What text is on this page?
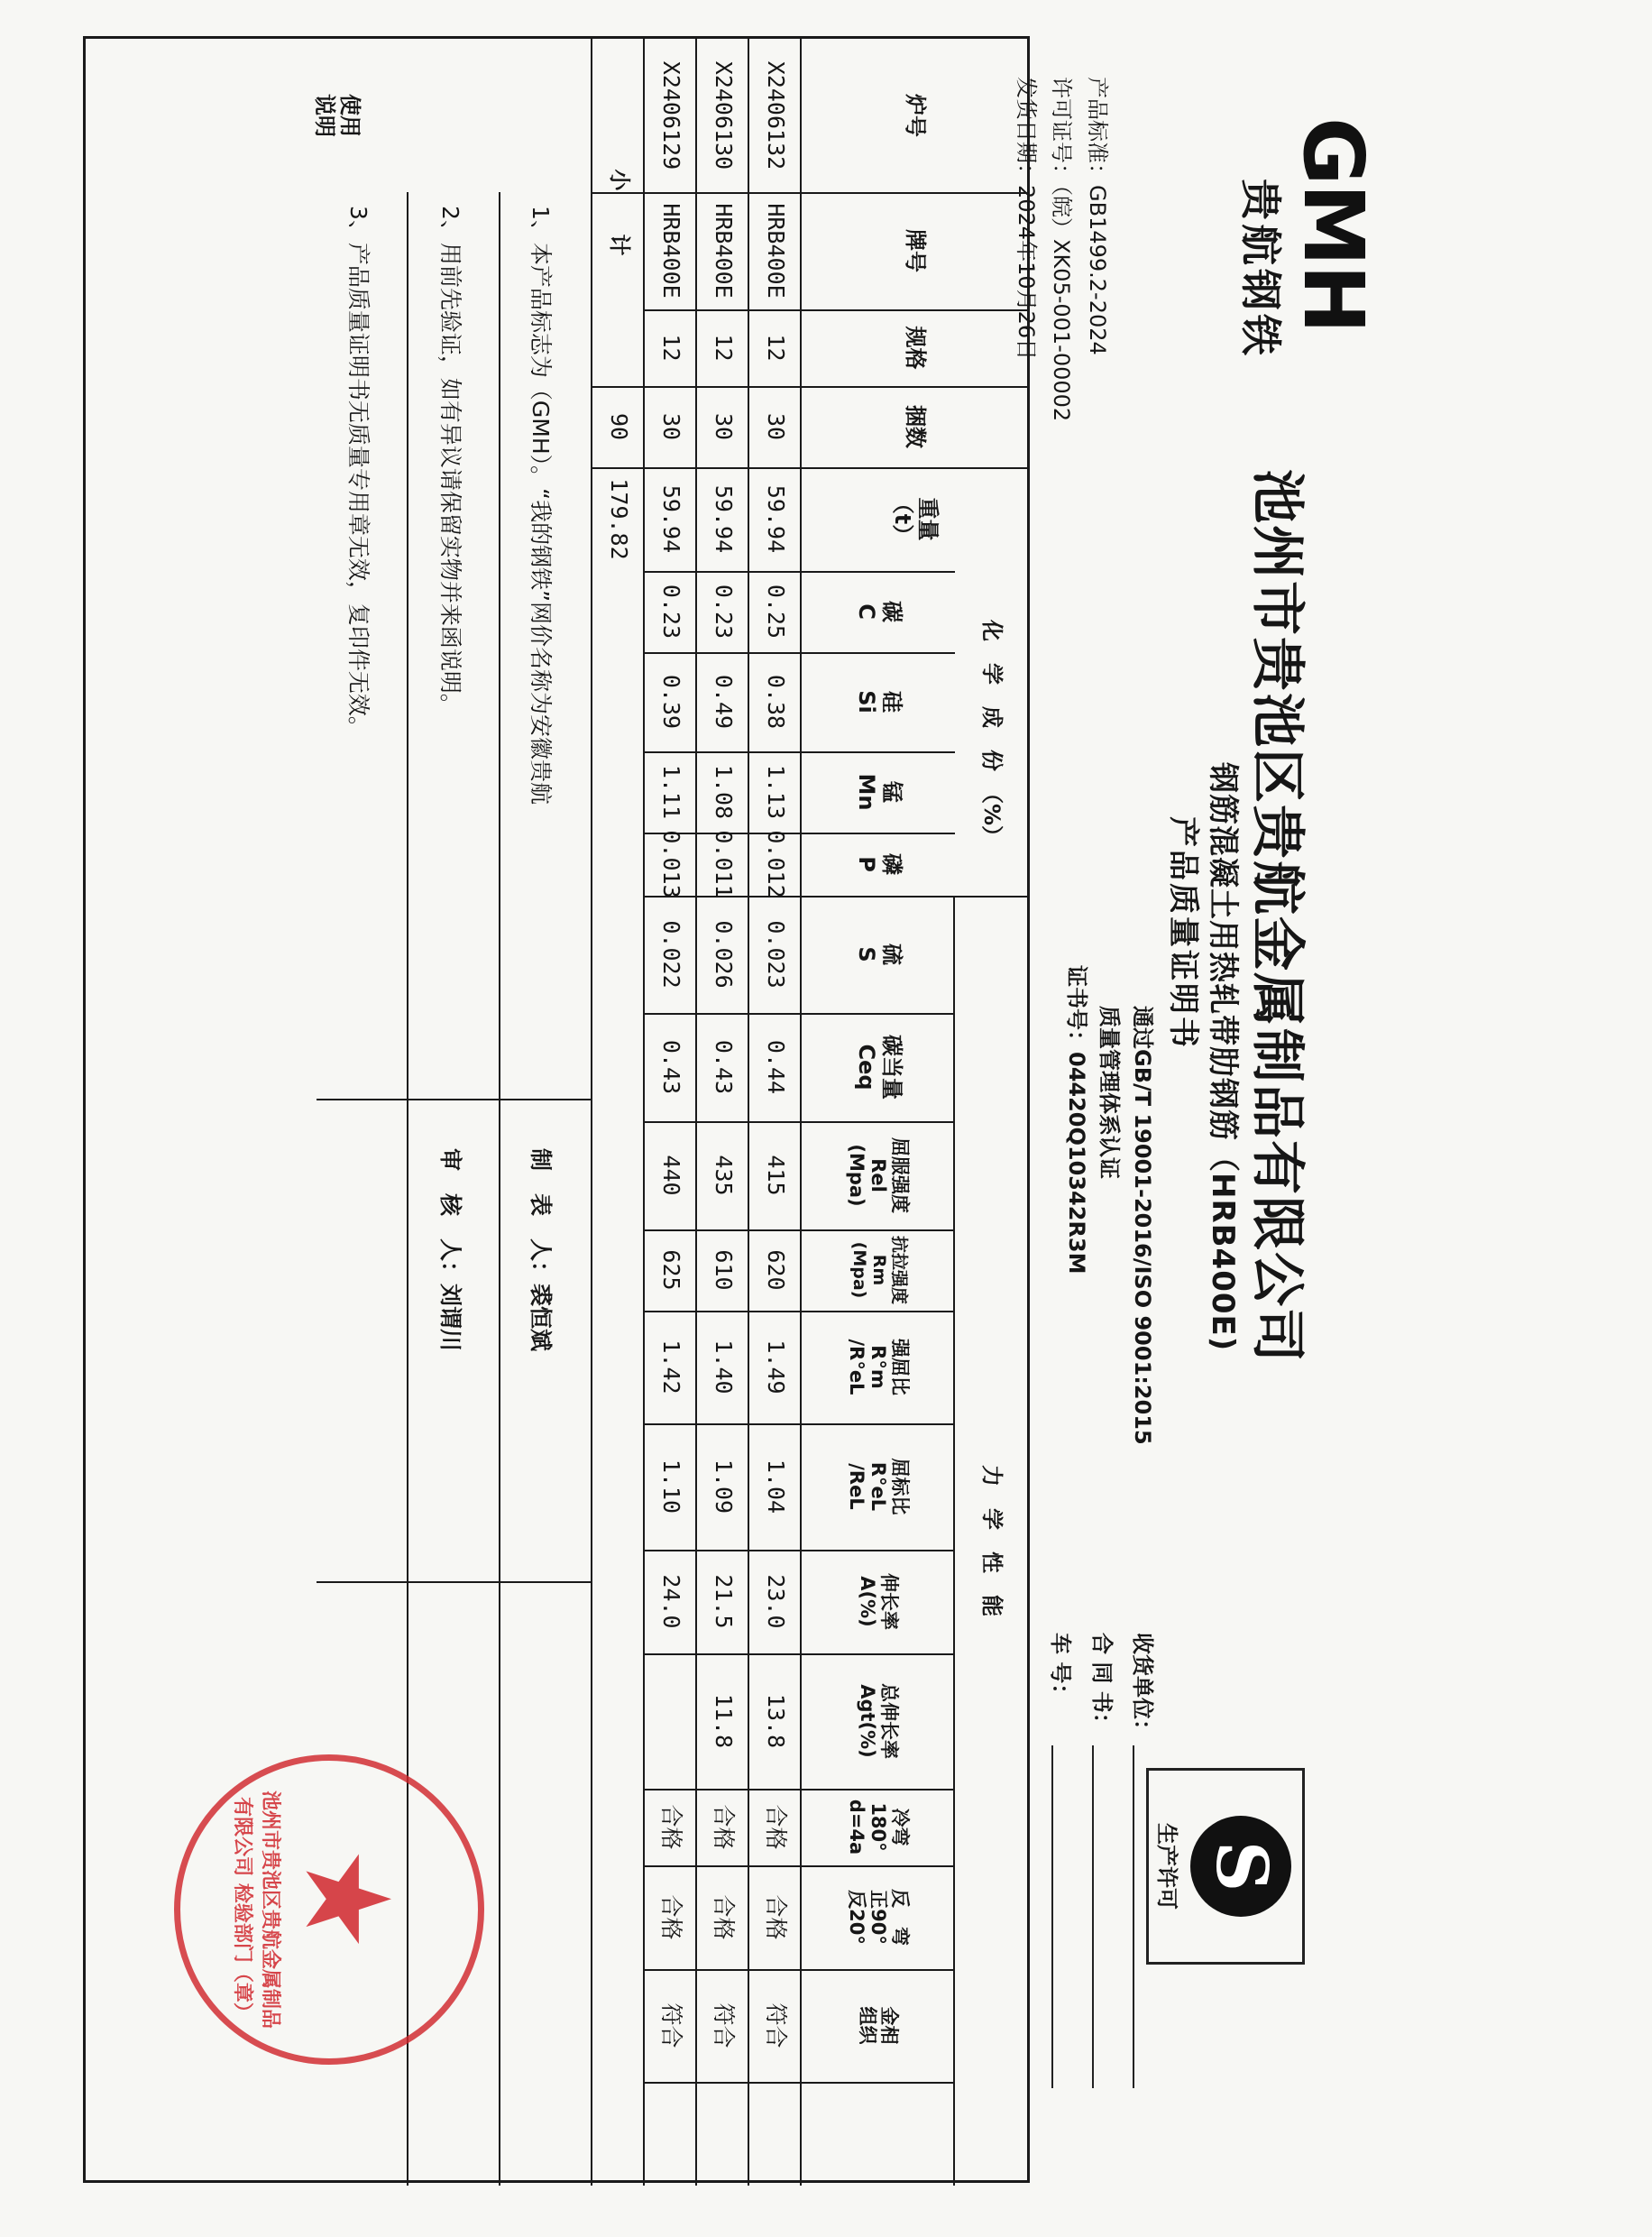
GMH
贵航钢铁
池州市贵池区贵航金属制品有限公司
钢筋混凝土用热轧带肋钢筋（HRB400E)
产品质量证明书
通过GB/T 19001-2016/ISO 9001:2015
质量管理体系认证
证书号：04420Q10342R3M
产品标准：GB1499.2-2024
许可证号：（皖）XK05-001-00002
发货日期：2024年10月26日
收货单位：
合 同 书：
车 号：
S
生产许可
炉号
牌号
规格
捆数
重量
（t）
化　学　成　份　（%）
力　学　性　能
碳
C
硅
Si
锰
Mn
磷
P
硫
S
碳当量
Ceq
屈服强度
Rel
(Mpa)
抗拉强度
Rm
(Mpa)
强屈比
R°m
/R°eL
屈标比
R°eL
/ReL
伸长率
A(%)
总伸长率
Agt(%)
冷弯
180°
d=4a
反　弯
正90°
反20°
金相
组织
X2406132
HRB400E
12
30
59.94
0.25
0.38
1.13
0.012
0.023
0.44
415
620
1.49
1.04
23.0
13.8
合格
合格
符合
X2406130
HRB400E
12
30
59.94
0.23
0.49
1.08
0.011
0.026
0.43
435
610
1.40
1.09
21.5
11.8
合格
合格
符合
X2406129
HRB400E
12
30
59.94
0.23
0.39
1.11
0.013
0.022
0.43
440
625
1.42
1.10
24.0
合格
合格
符合
小　　计
90
179.82
使用
说明
1、本产品标志为（GMH）。“我的钢铁”网价名称为安徽贵航
2、用前先验证，如有异议请保留实物并来函说明。
3、产品质量证明书无质量专用章无效，复印件无效。
制　表　人：裘恒斌
审　核　人：刘谓川
★
池州市贵池区贵航金属制品有限公司 检验部门（章）
